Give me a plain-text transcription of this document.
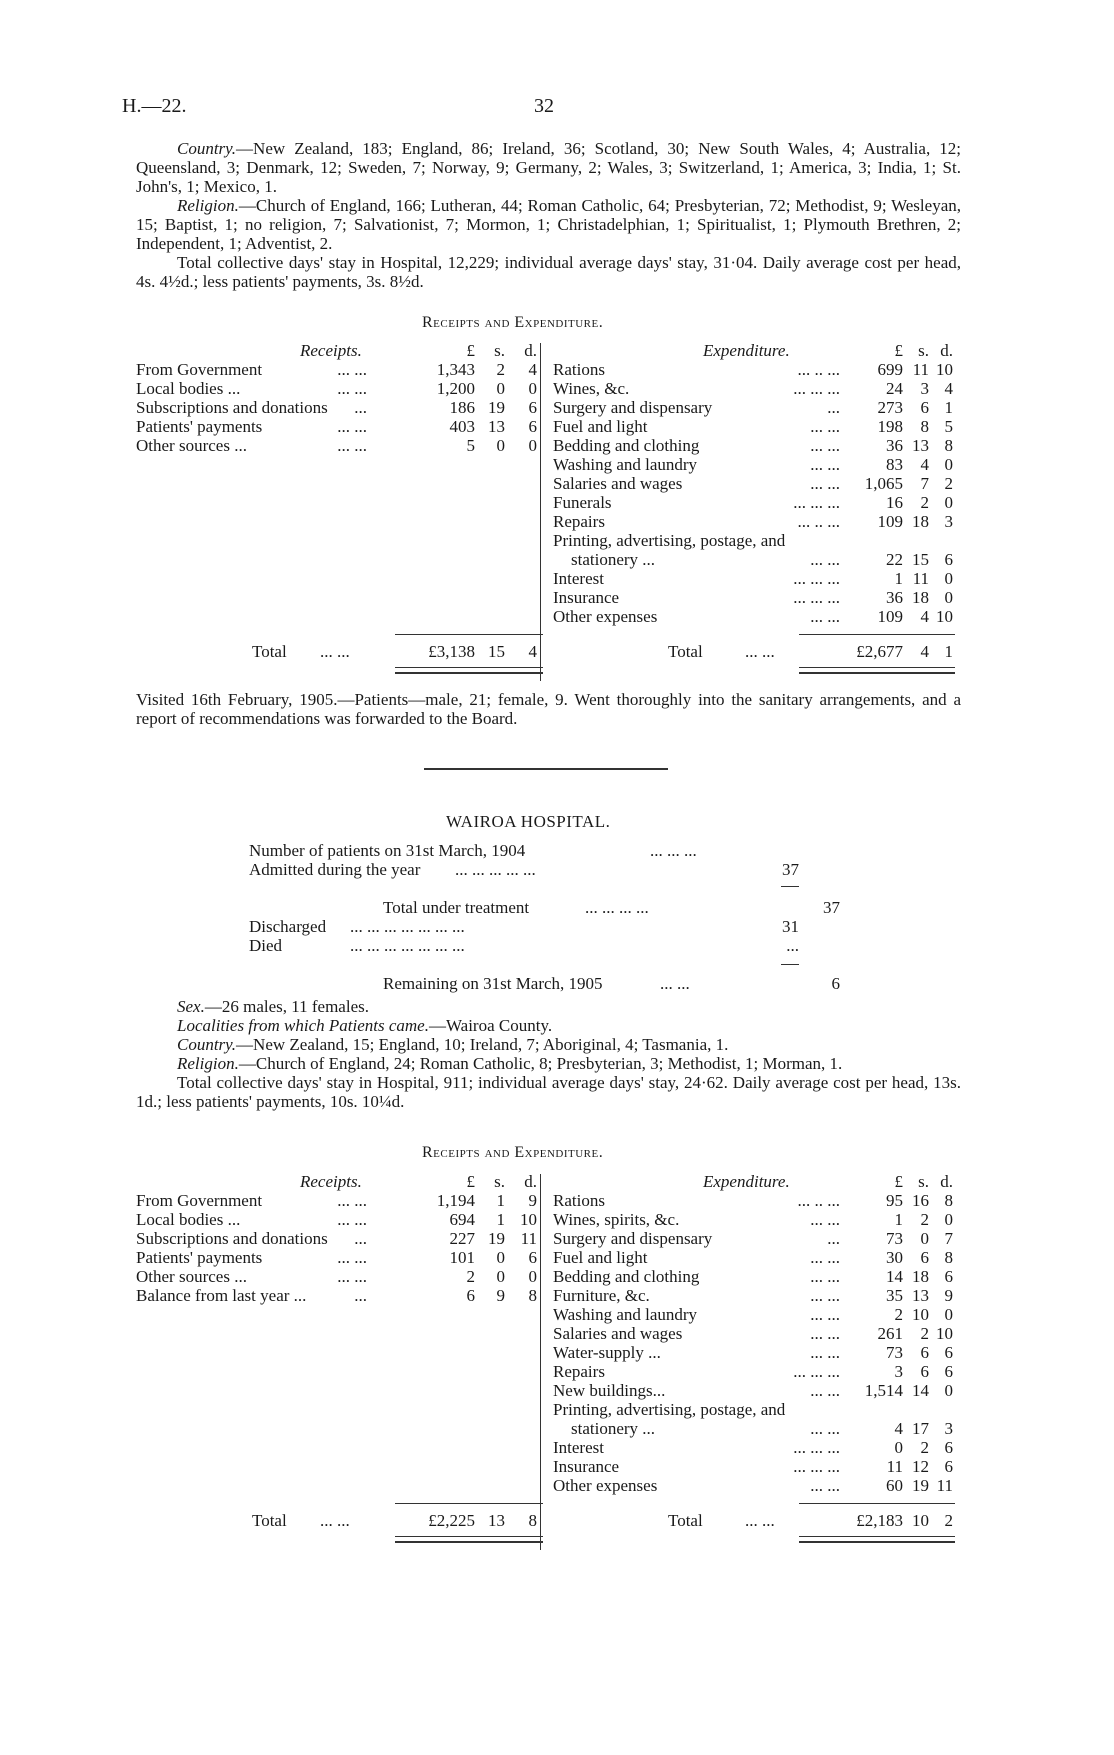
H.—22.	32

Country.—New Zealand, 183; England, 86; Ireland, 36; Scotland, 30; New South Wales, 4; Australia, 12; Queensland, 3; Denmark, 12; Sweden, 7; Norway, 9; Germany, 2; Wales, 3; Switzerland, 1; America, 3; India, 1; St. John's, 1; Mexico, 1.

Religion.—Church of England, 166; Lutheran, 44; Roman Catholic, 64; Presbyterian, 72; Methodist, 9; Wesleyan, 15; Baptist, 1; no religion, 7; Salvationist, 7; Mormon, 1; Christadelphian, 1; Spiritualist, 1; Plymouth Brethren, 2; Independent, 1; Adventist, 2.

Total collective days' stay in Hospital, 12,229; individual average days' stay, 31·04. Daily average cost per head, 4s. 4½d.; less patients' payments, 3s. 8½d.

Receipts and Expenditure.
Receipts.	Expenditure.
£ s. d.	£ s. d.
From Government	... ...	1,343 2 4
Local bodies ...	... ...	1,200 0 0
Subscriptions and donations	...	186 19 6
Patients' payments	... ...	403 13 6
Other sources ...	... ...	5 0 0
Rations	... .. ... 699 11 10
Wines, &c.	... ... ...	24 3 4
Surgery and dispensary	... 273 6 1
Fuel and light	... ... 198 8 5
Bedding and clothing	... ...	36 13 8
Washing and laundry	... ...	83 4 0
Salaries and wages	... ... 1,065 7 2
Funerals	... ... ...	16 2 0
Repairs	... .. ... 109 18 3
Printing, advertising, postage, and
stationery ...	... ...	22 15 6
Interest	... ... ...	1 11 0
Insurance	... ... ...	36 18 0
Other expenses	... ... 109 4 10
Total ... ...	£3,138 15 4	Total ... ...	£2,677 4 1
Visited 16th February, 1905.—Patients—male, 21; female, 9. Went thoroughly into the sanitary arrangements, and a report of recommendations was forwarded to the Board.
WAIROA HOSPITAL.
Number of patients on 31st March, 1904	... ... ...
Admitted during the year ... ... ... ... ...	37
Total under treatment	... ... ... ...	37
Discharged ... ... ... ... ... ... ...	31
Died	... ... ... ... ... ... ...	...
Remaining on 31st March, 1905	... ...	6

Sex.—26 males, 11 females.

Localities from which Patients came.—Wairoa County.

Country.—New Zealand, 15; England, 10; Ireland, 7; Aboriginal, 4; Tasmania, 1.

Religion.—Church of England, 24; Roman Catholic, 8; Presbyterian, 3; Methodist, 1; Morman, 1.

Total collective days' stay in Hospital, 911; individual average days' stay, 24·62. Daily average cost per head, 13s. 1d.; less patients' payments, 10s. 10¼d.

Receipts and Expenditure.
Receipts.	Expenditure.
£ s. d.	£ s. d.
From Government	... ...	1,194 1 9
Local bodies ...	... ...	694 1 10
Subscriptions and donations	...	227 19 11
Patients' payments	... ...	101 0 6
Other sources ...	... ...	2 0 0
Balance from last year ...	...	6 9 8
Rations	... .. ...	95 16 8
Wines, spirits, &c.	... ...	1 2 0
Surgery and dispensary	...	73 0 7
Fuel and light	... ...	30 6 8
Bedding and clothing	... ...	14 18 6
Furniture, &c.	... ...	35 13 9
Washing and laundry	... ...	2 10 0
Salaries and wages	... ... 261 2 10
Water-supply ...	... ...	73 6 6
Repairs	... ... ...	3 6 6
New buildings...	... ... 1,514 14 0
Printing, advertising, postage, and
stationery ...	... ...	4 17 3
Interest	... ... ...	0 2 6
Insurance	... ... ...	11 12 6
Other expenses	... ...	60 19 11
Total ... ...	£2,225 13 8	Total ... ...	£2,183 10 2
